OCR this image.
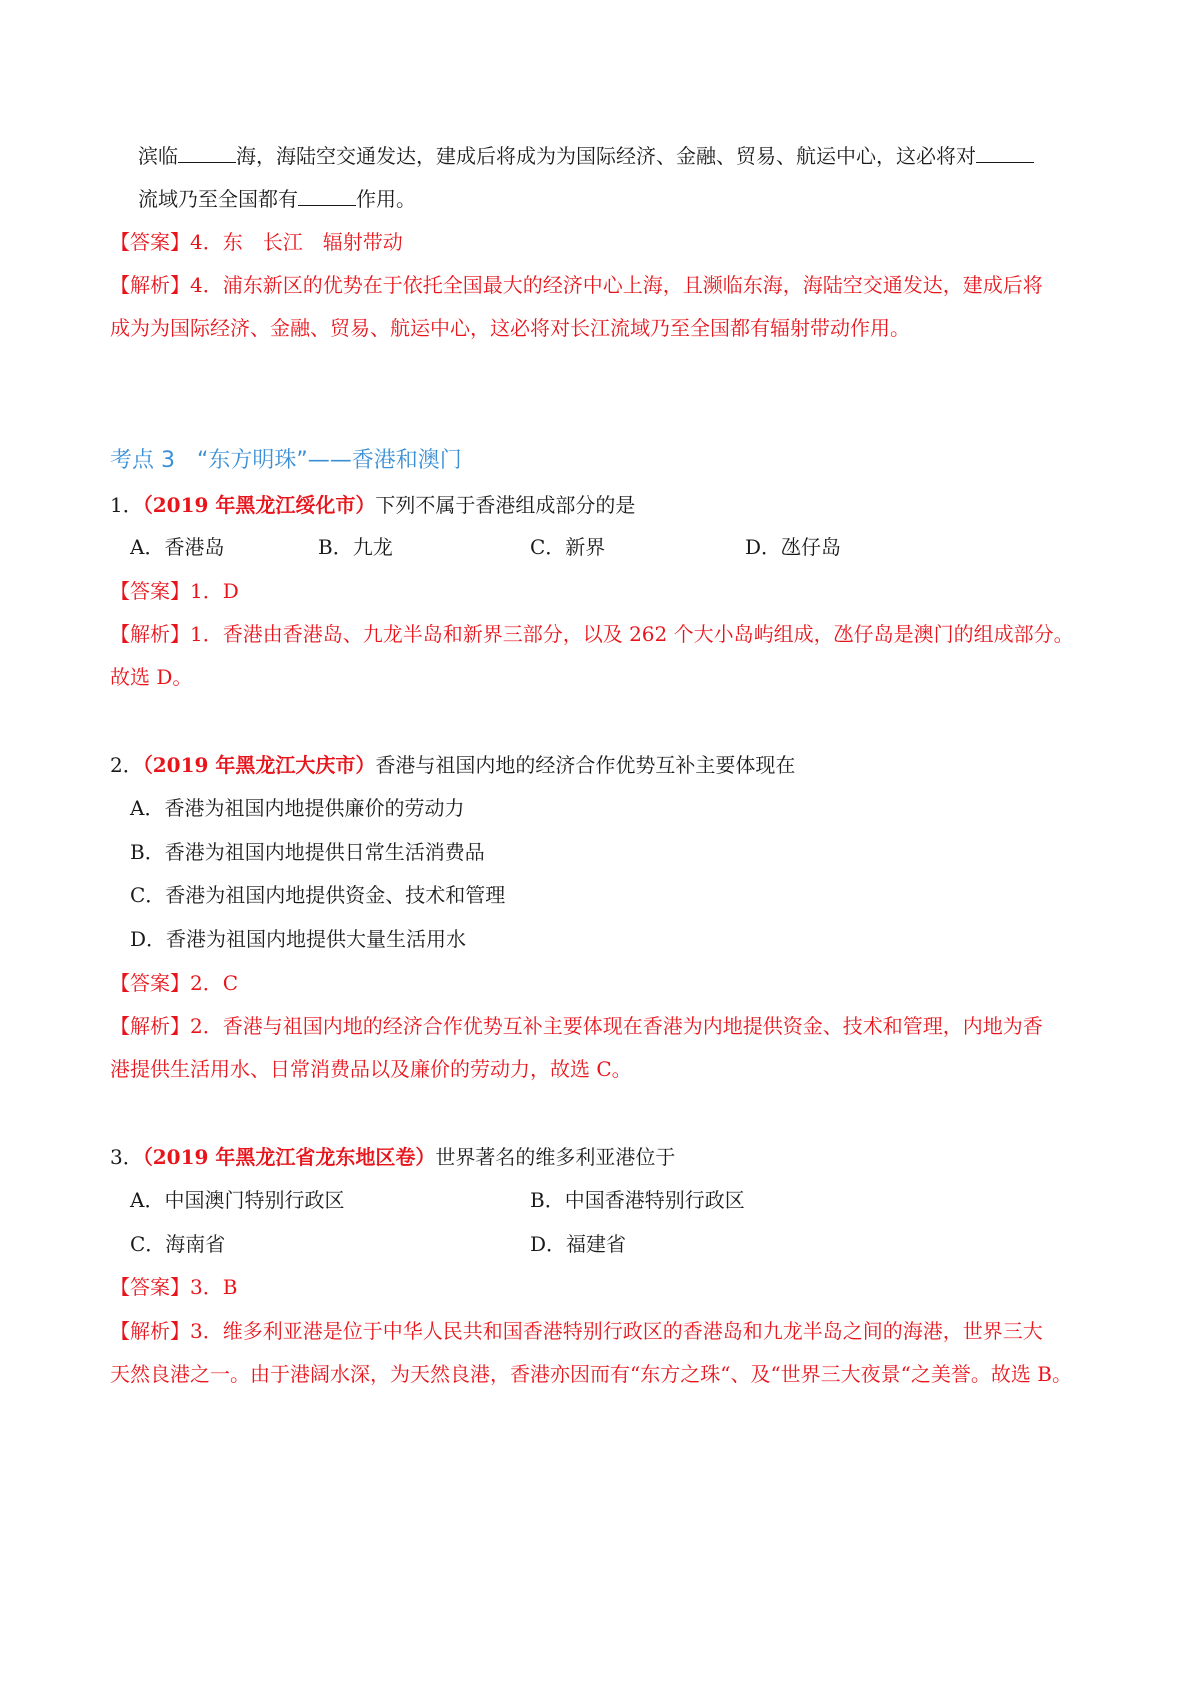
滨临	海，海陆空交通发达，建成后将成为为国际经济、金融、贸易、航运中心，这必将对
流域乃至全国都有	作用。
【答案】4．东　长江　辐射带动
【解析】4．浦东新区的优势在于依托全国最大的经济中心上海，且濒临东海，海陆空交通发达，建成后将
成为为国际经济、金融、贸易、航运中心，这必将对长江流域乃至全国都有辐射带动作用。
考点 3　“东方明珠”——香港和澳门
1．（2019 年黑龙江绥化市）下列不属于香港组成部分的是
A．香港岛	B．九龙	C．新界	D．氹仔岛
【答案】1．D
【解析】1．香港由香港岛、九龙半岛和新界三部分，以及 262 个大小岛屿组成，氹仔岛是澳门的组成部分。
故选 D。
2．（2019 年黑龙江大庆市）香港与祖国内地的经济合作优势互补主要体现在
A．香港为祖国内地提供廉价的劳动力
B．香港为祖国内地提供日常生活消费品
C．香港为祖国内地提供资金、技术和管理
D．香港为祖国内地提供大量生活用水
【答案】2．C
【解析】2．香港与祖国内地的经济合作优势互补主要体现在香港为内地提供资金、技术和管理，内地为香
港提供生活用水、日常消费品以及廉价的劳动力，故选 C。
3．（2019 年黑龙江省龙东地区卷）世界著名的维多利亚港位于
A．中国澳门特别行政区	B．中国香港特别行政区
C．海南省	D．福建省
【答案】3．B
【解析】3．维多利亚港是位于中华人民共和国香港特别行政区的香港岛和九龙半岛之间的海港，世界三大
天然良港之一。由于港阔水深，为天然良港，香港亦因而有“东方之珠“、及“世界三大夜景“之美誉。故选 B。
